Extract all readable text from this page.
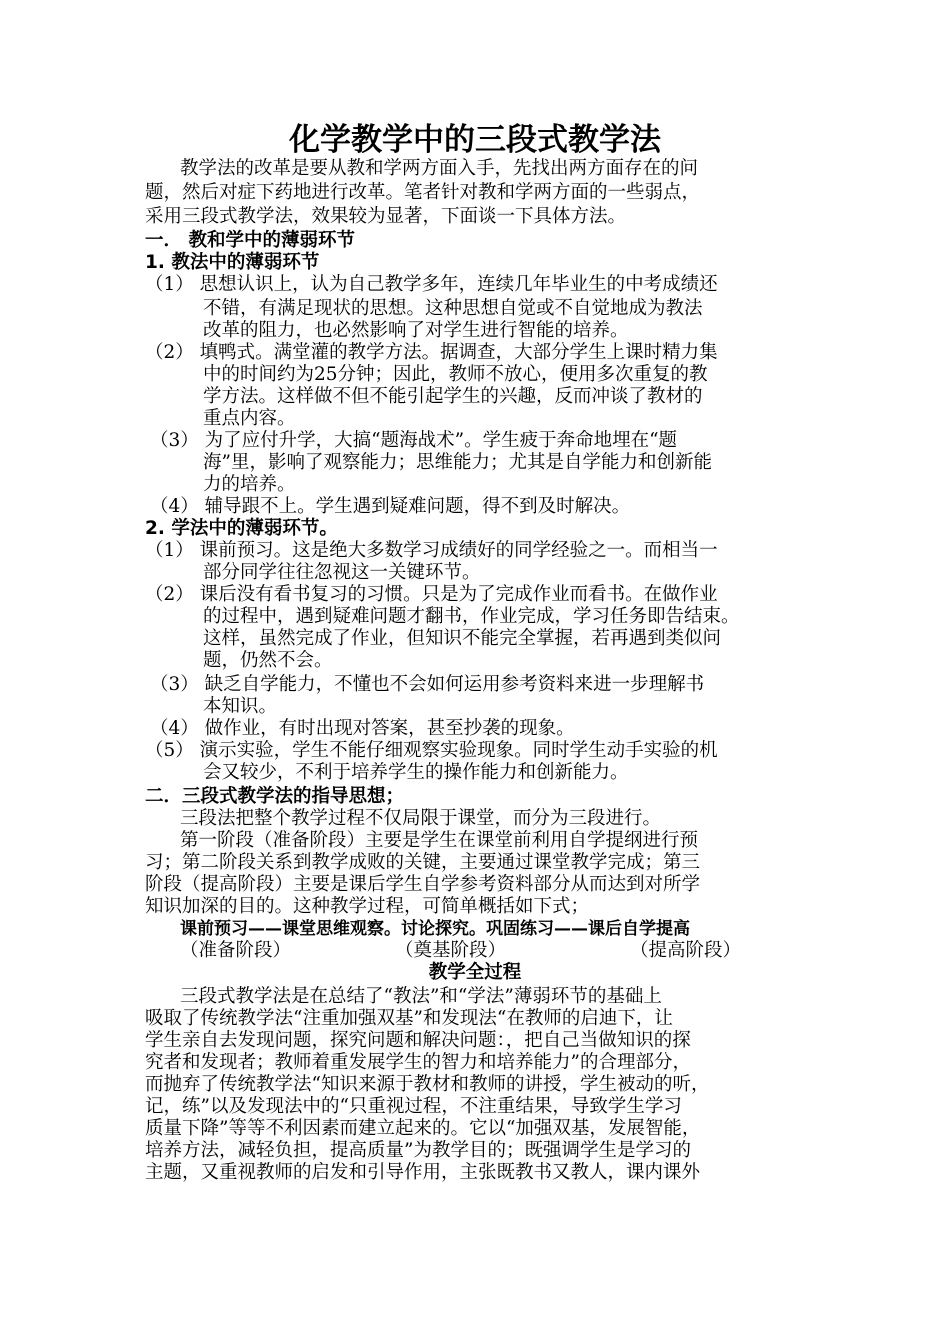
化学教学中的三段式教学法
教学法的改革是要从教和学两方面入手，先找出两方面存在的问
题，然后对症下药地进行改革。笔者针对教和学两方面的一些弱点，
采用三段式教学法，效果较为显著，下面谈一下具体方法。
一． 教和学中的薄弱环节
1. 教法中的薄弱环节
（1） 思想认识上，认为自己教学多年，连续几年毕业生的中考成绩还
不错，有满足现状的思想。这种思想自觉或不自觉地成为教法
改革的阻力，也必然影响了对学生进行智能的培养。
（2） 填鸭式。满堂灌的教学方法。据调查，大部分学生上课时精力集
中的时间约为25分钟；因此，教师不放心，便用多次重复的教
学方法。这样做不但不能引起学生的兴趣，反而冲谈了教材的
重点内容。
（3） 为了应付升学，大搞“题海战术”。学生疲于奔命地埋在“题
海”里，影响了观察能力；思维能力；尤其是自学能力和创新能
力的培养。
（4） 辅导跟不上。学生遇到疑难问题，得不到及时解决。
2. 学法中的薄弱环节。
（1） 课前预习。这是绝大多数学习成绩好的同学经验之一。而相当一
部分同学往往忽视这一关键环节。
（2） 课后没有看书复习的习惯。只是为了完成作业而看书。在做作业
的过程中，遇到疑难问题才翻书，作业完成，学习任务即告结束。
这样，虽然完成了作业，但知识不能完全掌握，若再遇到类似问
题，仍然不会。
（3） 缺乏自学能力，不懂也不会如何运用参考资料来进一步理解书
本知识。
（4） 做作业，有时出现对答案，甚至抄袭的现象。
（5） 演示实验，学生不能仔细观察实验现象。同时学生动手实验的机
会又较少，不利于培养学生的操作能力和创新能力。
二．三段式教学法的指导思想；
三段法把整个教学过程不仅局限于课堂，而分为三段进行。
第一阶段（准备阶段）主要是学生在课堂前利用自学提纲进行预
习；第二阶段关系到教学成败的关键，主要通过课堂教学完成；第三
阶段（提高阶段）主要是课后学生自学参考资料部分从而达到对所学
知识加深的目的。这种教学过程，可简单概括如下式；
课前预习——课堂思维观察。讨论探究。巩固练习——课后自学提高
（准备阶段）	（奠基阶段）	（提高阶段）
教学全过程
三段式教学法是在总结了“教法”和“学法”薄弱环节的基础上
吸取了传统教学法“注重加强双基”和发现法“在教师的启迪下，让
学生亲自去发现问题，探究问题和解决问题：，把自己当做知识的探
究者和发现者；教师着重发展学生的智力和培养能力”的合理部分，
而抛弃了传统教学法“知识来源于教材和教师的讲授，学生被动的听，
记，练”以及发现法中的“只重视过程，不注重结果，导致学生学习
质量下降”等等不利因素而建立起来的。它以“加强双基，发展智能，
培养方法，减轻负担，提高质量”为教学目的；既强调学生是学习的
主题，又重视教师的启发和引导作用，主张既教书又教人，课内课外
